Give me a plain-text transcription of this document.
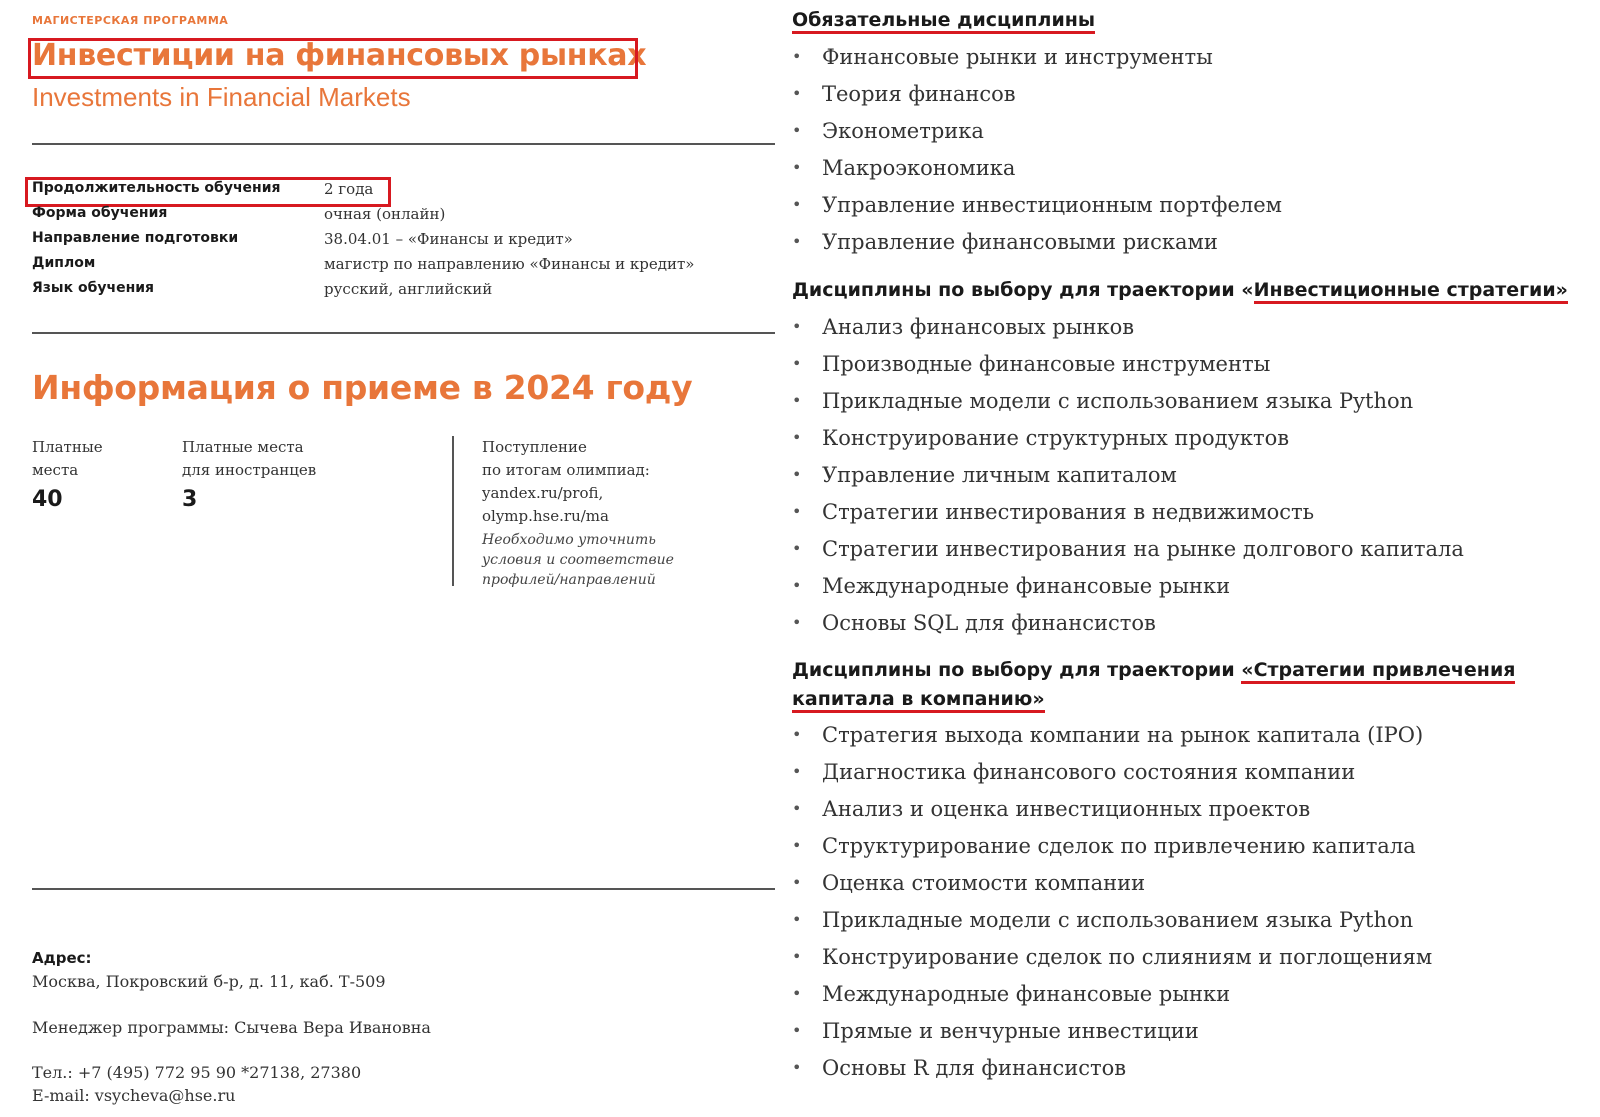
МАГИСТЕРСКАЯ ПРОГРАММА
Инвестиции на финансовых рынках
Investments in Financial Markets
Продолжительность обучения	2 года
Форма обучения	очная (онлайн)
Направление подготовки	38.04.01 – «Финансы и кредит»
Диплом	магистр по направлению «Финансы и кредит»
Язык обучения	русский, английский
Информация о приеме в 2024 году
Платные
места
40
Платные места
для иностранцев
3
Поступление
по итогам олимпиад:
yandex.ru/profi,
olymp.hse.ru/ma
Необходимо уточнить
условия и соответствие
профилей/направлений
Адрес:
Москва, Покровский б-р, д. 11, каб. Т-509

Менеджер программы: Сычева Вера Ивановна

Тел.: +7 (495) 772 95 90 *27138, 27380
E-mail: vsycheva@hse.ru
Обязательные дисциплины
• Финансовые рынки и инструменты
• Теория финансов
• Эконометрика
• Макроэкономика
• Управление инвестиционным портфелем
• Управление финансовыми рисками
Дисциплины по выбору для траектории «Инвестиционные стратегии»
• Анализ финансовых рынков
• Производные финансовые инструменты
• Прикладные модели с использованием языка Python
• Конструирование структурных продуктов
• Управление личным капиталом
• Стратегии инвестирования в недвижимость
• Стратегии инвестирования на рынке долгового капитала
• Международные финансовые рынки
• Основы SQL для финансистов
Дисциплины по выбору для траектории «Стратегии привлечения
капитала в компанию»
• Стратегия выхода компании на рынок капитала (IPO)
• Диагностика финансового состояния компании
• Анализ и оценка инвестиционных проектов
• Структурирование сделок по привлечению капитала
• Оценка стоимости компании
• Прикладные модели с использованием языка Python
• Конструирование сделок по слияниям и поглощениям
• Международные финансовые рынки
• Прямые и венчурные инвестиции
• Основы R для финансистов
